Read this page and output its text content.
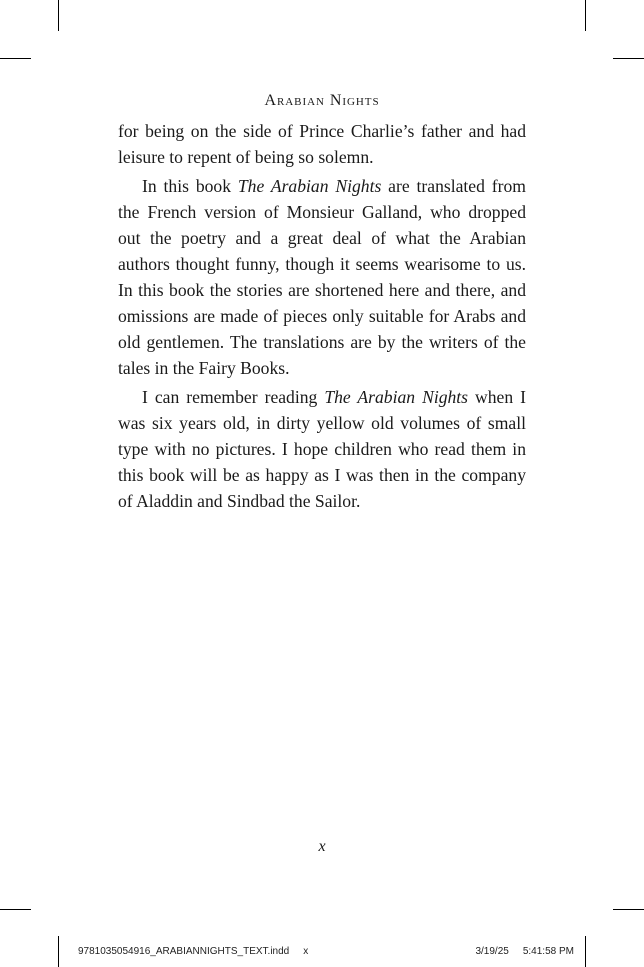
Arabian Nights

for being on the side of Prince Charlie’s father and had leisure to repent of being so solemn.

In this book The Arabian Nights are translated from the French version of Monsieur Galland, who dropped out the poetry and a great deal of what the Arabian authors thought funny, though it seems wearisome to us. In this book the stories are shortened here and there, and omissions are made of pieces only suitable for Arabs and old gentlemen. The translations are by the writers of the tales in the Fairy Books.

I can remember reading The Arabian Nights when I was six years old, in dirty yellow old volumes of small type with no pictures. I hope children who read them in this book will be as happy as I was then in the company of Aladdin and Sindbad the Sailor.

x
9781035054916_ARABIANNIGHTS_TEXT.indd x	3/19/25 5:41:58 PM
